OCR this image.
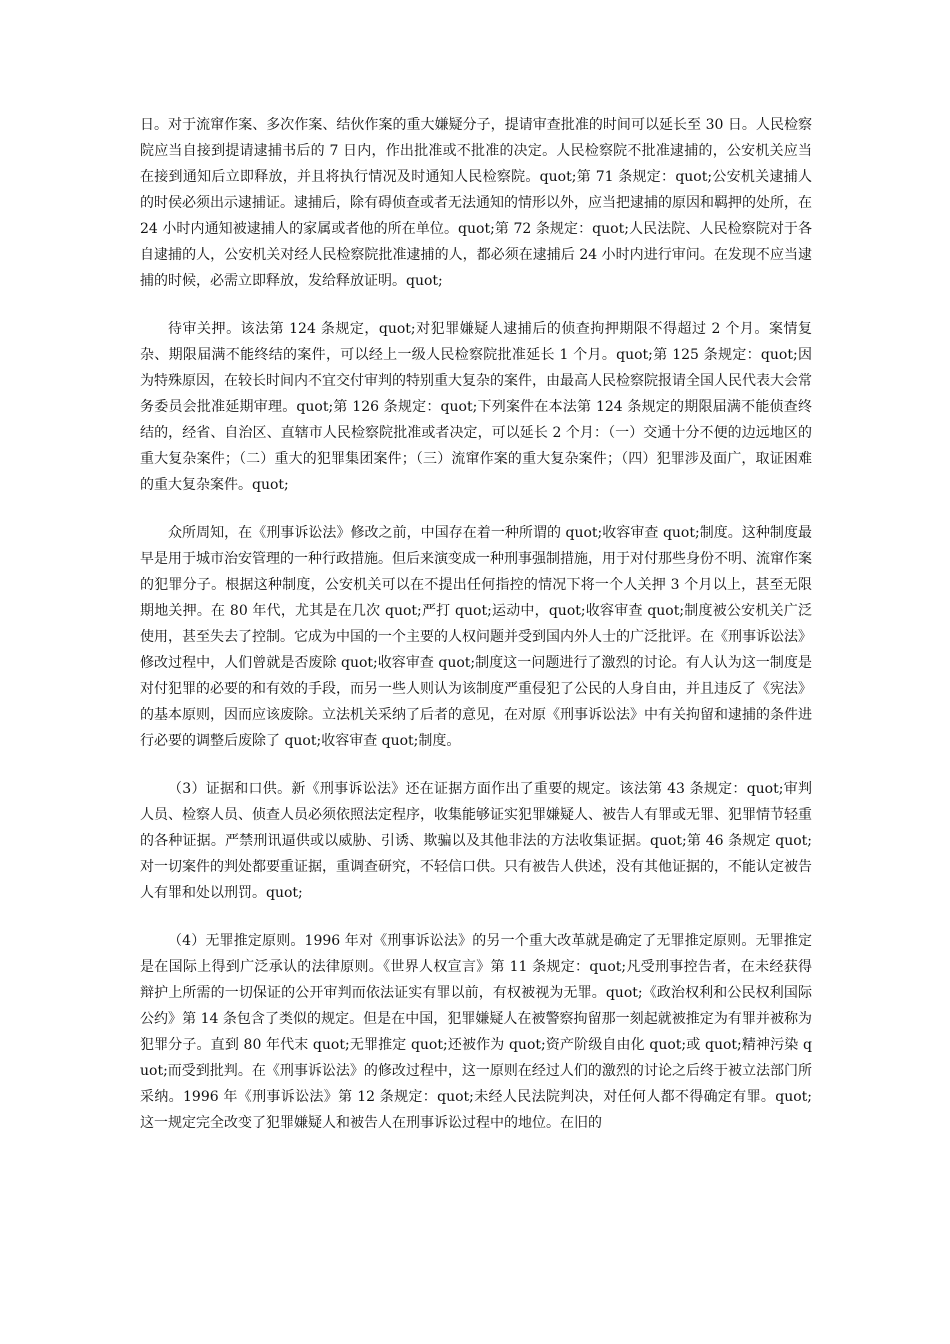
日。对于流窜作案、多次作案、结伙作案的重大嫌疑分子，提请审查批准的时间可以延长至 30 日。人民检察院应当自接到提请逮捕书后的 7 日内，作出批准或不批准的决定。人民检察院不批准逮捕的，公安机关应当在接到通知后立即释放，并且将执行情况及时通知人民检察院。quot;第 71 条规定：quot;公安机关逮捕人的时侯必须出示逮捕证。逮捕后，除有碍侦查或者无法通知的情形以外，应当把逮捕的原因和羁押的处所，在 24 小时内通知被逮捕人的家属或者他的所在单位。quot;第 72 条规定：quot;人民法院、人民检察院对于各自逮捕的人，公安机关对经人民检察院批准逮捕的人，都必须在逮捕后 24 小时内进行审问。在发现不应当逮捕的时候，必需立即释放，发给释放证明。quot;

待审关押。该法第 124 条规定，quot;对犯罪嫌疑人逮捕后的侦查拘押期限不得超过 2 个月。案情复杂、期限届满不能终结的案件，可以经上一级人民检察院批准延长 1 个月。quot;第 125 条规定：quot;因为特殊原因，在较长时间内不宜交付审判的特别重大复杂的案件，由最高人民检察院报请全国人民代表大会常务委员会批准延期审理。quot;第 126 条规定：quot;下列案件在本法第 124 条规定的期限届满不能侦查终结的，经省、自治区、直辖市人民检察院批准或者决定，可以延长 2 个月：（一）交通十分不便的边远地区的重大复杂案件；（二）重大的犯罪集团案件；（三）流窜作案的重大复杂案件；（四）犯罪涉及面广，取证困难的重大复杂案件。quot;

众所周知，在《刑事诉讼法》修改之前，中国存在着一种所谓的 quot;收容审查 quot;制度。这种制度最早是用于城市治安管理的一种行政措施。但后来演变成一种刑事强制措施，用于对付那些身份不明、流窜作案的犯罪分子。根据这种制度，公安机关可以在不提出任何指控的情况下将一个人关押 3 个月以上，甚至无限期地关押。在 80 年代，尤其是在几次 quot;严打 quot;运动中，quot;收容审查 quot;制度被公安机关广泛使用，甚至失去了控制。它成为中国的一个主要的人权问题并受到国内外人士的广泛批评。在《刑事诉讼法》修改过程中，人们曾就是否废除 quot;收容审查 quot;制度这一问题进行了激烈的讨论。有人认为这一制度是对付犯罪的必要的和有效的手段，而另一些人则认为该制度严重侵犯了公民的人身自由，并且违反了《宪法》的基本原则，因而应该废除。立法机关采纳了后者的意见，在对原《刑事诉讼法》中有关拘留和逮捕的条件进行必要的调整后废除了 quot;收容审查 quot;制度。

（3）证据和口供。新《刑事诉讼法》还在证据方面作出了重要的规定。该法第 43 条规定：quot;审判人员、检察人员、侦查人员必须依照法定程序，收集能够证实犯罪嫌疑人、被告人有罪或无罪、犯罪情节轻重的各种证据。严禁刑讯逼供或以威胁、引诱、欺骗以及其他非法的方法收集证据。quot;第 46 条规定 quot;对一切案件的判处都要重证据，重调查研究，不轻信口供。只有被告人供述，没有其他证据的，不能认定被告人有罪和处以刑罚。quot;

（4）无罪推定原则。1996 年对《刑事诉讼法》的另一个重大改革就是确定了无罪推定原则。无罪推定是在国际上得到广泛承认的法律原则。《世界人权宣言》第 11 条规定：quot;凡受刑事控告者，在未经获得辩护上所需的一切保证的公开审判而依法证实有罪以前，有权被视为无罪。quot;《政治权利和公民权利国际公约》第 14 条包含了类似的规定。但是在中国，犯罪嫌疑人在被警察拘留那一刻起就被推定为有罪并被称为犯罪分子。直到 80 年代末 quot;无罪推定 quot;还被作为 quot;资产阶级自由化 quot;或 quot;精神污染 quot;而受到批判。在《刑事诉讼法》的修改过程中，这一原则在经过人们的激烈的讨论之后终于被立法部门所采纳。1996 年《刑事诉讼法》第 12 条规定：quot;未经人民法院判决，对任何人都不得确定有罪。quot;这一规定完全改变了犯罪嫌疑人和被告人在刑事诉讼过程中的地位。在旧的
